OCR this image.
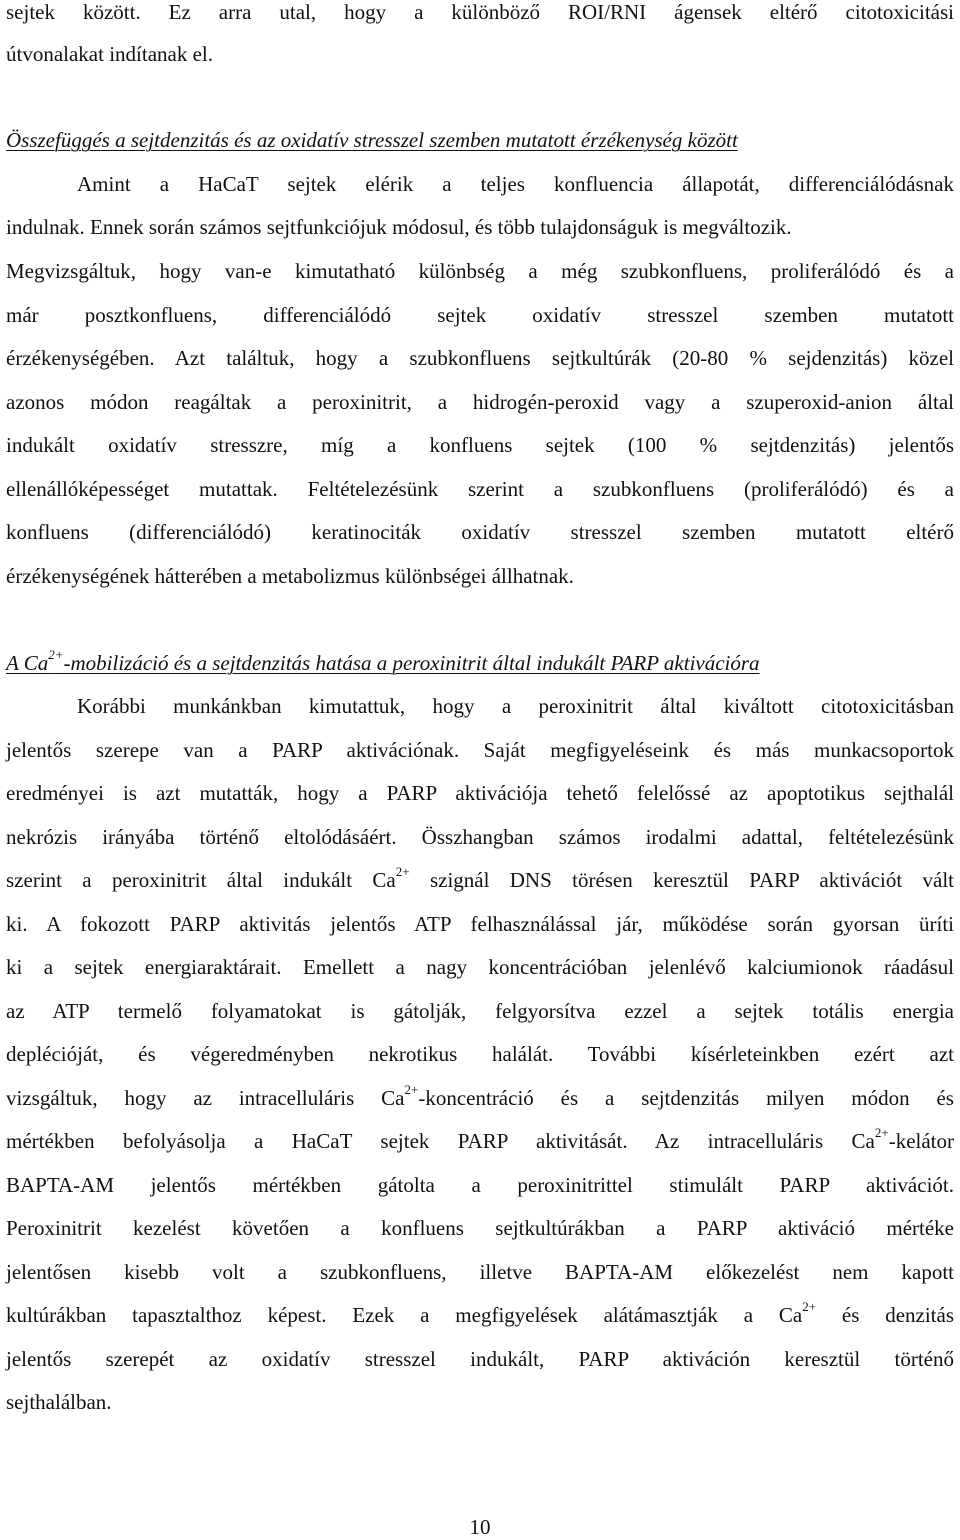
sejtek között. Ez arra utal, hogy a különböző ROI/RNI ágensek eltérő citotoxicitási
útvonalakat indítanak el.
Összefüggés a sejtdenzitás és az oxidatív stresszel szemben mutatott érzékenység között
Amint a HaCaT sejtek elérik a teljes konfluencia állapotát, differenciálódásnak
indulnak. Ennek során számos sejtfunkciójuk módosul, és több tulajdonságuk is megváltozik.
Megvizsgáltuk, hogy van-e kimutatható különbség a még szubkonfluens, proliferálódó és a
már posztkonfluens, differenciálódó sejtek oxidatív stresszel szemben mutatott
érzékenységében. Azt találtuk, hogy a szubkonfluens sejtkultúrák (20-80 % sejdenzitás) közel
azonos módon reagáltak a peroxinitrit, a hidrogén-peroxid vagy a szuperoxid-anion által
indukált oxidatív stresszre, míg a konfluens sejtek (100 % sejtdenzitás) jelentős
ellenállóképességet mutattak. Feltételezésünk szerint a szubkonfluens (proliferálódó) és a
konfluens (differenciálódó) keratinociták oxidatív stresszel szemben mutatott eltérő
érzékenységének hátterében a metabolizmus különbségei állhatnak.
A $Ca^{2+}$-mobilizáció és a sejtdenzitás hatása a peroxinitrit által indukált PARP aktivációra
Korábbi munkánkban kimutattuk, hogy a peroxinitrit által kiváltott citotoxicitásban
jelentős szerepe van a PARP aktivációnak. Saját megfigyeléseink és más munkacsoportok
eredményei is azt mutatták, hogy a PARP aktivációja tehető felelőssé az apoptotikus sejthalál
nekrózis irányába történő eltolódásáért. Összhangban számos irodalmi adattal, feltételezésünk
szerint a peroxinitrit által indukált $Ca^{2+}$ szignál DNS törésen keresztül PARP aktivációt vált
ki. A fokozott PARP aktivitás jelentős ATP felhasználással jár, működése során gyorsan üríti
ki a sejtek energiaraktárait. Emellett a nagy koncentrációban jelenlévő kalciumionok ráadásul
az ATP termelő folyamatokat is gátolják, felgyorsítva ezzel a sejtek totális energia
deplécióját, és végeredményben nekrotikus halálát. További kísérleteinkben ezért azt
vizsgáltuk, hogy az intracelluláris $Ca^{2+}$-koncentráció és a sejtdenzitás milyen módon és
mértékben befolyásolja a HaCaT sejtek PARP aktivitását. Az intracelluláris $Ca^{2+}$-kelátor
BAPTA-AM jelentős mértékben gátolta a peroxinitrittel stimulált PARP aktivációt.
Peroxinitrit kezelést követően a konfluens sejtkultúrákban a PARP aktiváció mértéke
jelentősen kisebb volt a szubkonfluens, illetve BAPTA-AM előkezelést nem kapott
kultúrákban tapasztalthoz képest. Ezek a megfigyelések alátámasztják a $Ca^{2+}$ és denzitás
jelentős szerepét az oxidatív stresszel indukált, PARP aktiváción keresztül történő
sejthalálban.
10
